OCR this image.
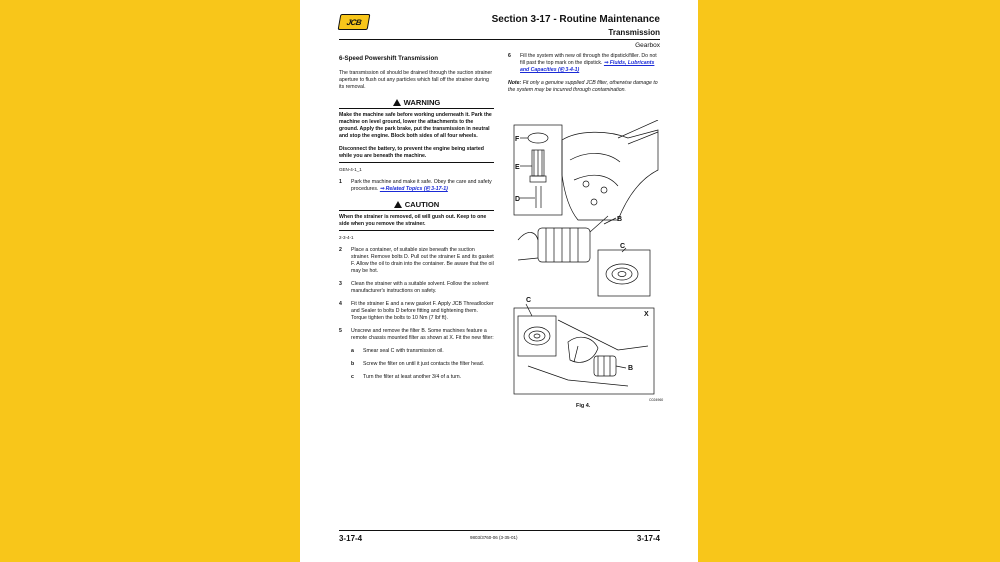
JCB	Section 3-17 - Routine Maintenance
Transmission
Gearbox
6-Speed Powershift Transmission

The transmission oil should be drained through the suction strainer aperture to flush out any particles which fall off the strainer during its removal.

WARNING

Make the machine safe before working underneath it. Park the machine on level ground, lower the attachments to the ground. Apply the park brake, put the transmission in neutral and stop the engine. Block both sides of all four wheels.

Disconnect the battery, to prevent the engine being started while you are beneath the machine.

GEN-4-1_1
1	Park the machine and make it safe. Obey the care and safety procedures. ⇒ Related Topics (⎗ 3-17-1)
CAUTION

When the strainer is removed, oil will gush out. Keep to one side when you remove the strainer.

2-3-4-1
2	Place a container, of suitable size beneath the suction strainer. Remove bolts D. Pull out the strainer E and its gasket F. Allow the oil to drain into the container. Be aware that the oil may be hot.
3	Clean the strainer with a suitable solvent. Follow the solvent manufacturer's instructions on safety.
4	Fit the strainer E and a new gasket F. Apply JCB Threadlocker and Sealer to bolts D before fitting and tightening them. Torque tighten the bolts to 10 Nm (7 lbf ft).
5	Unscrew and remove the filter B. Some machines feature a remote chassis mounted filter as shown at X. Fit the new filter:
a	Smear seal C with transmission oil.
b	Screw the filter on until it just contacts the filter head.
c	Turn the filter at least another 3/4 of a turn.
6	Fill the system with new oil through the dipstick/filler. Do not fill past the top mark on the dipstick. ⇒ Fluids, Lubricants and Capacities (⎗ 3-4-1)

Note: Fit only a genuine supplied JCB filter, otherwise damage to the system may be incurred through contamination.

F
E
D
B
C
C
X
B
Fig 4.
C024960
3-17-4	9803/3760-06 (3-35-01)	3-17-4
